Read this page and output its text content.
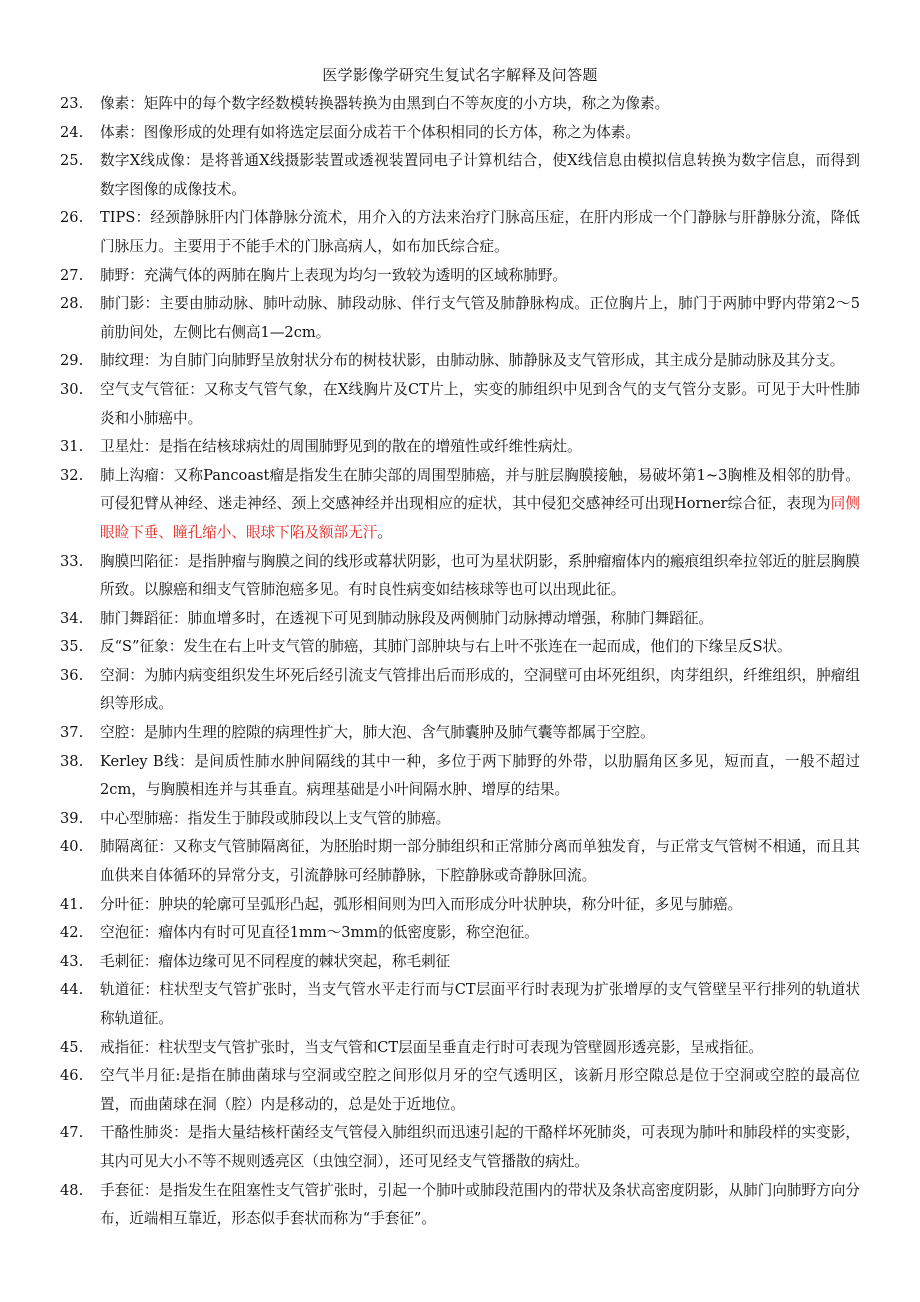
医学影像学研究生复试名字解释及问答题
23.	像素：矩阵中的每个数字经数模转换器转换为由黑到白不等灰度的小方块，称之为像素。
24.	体素：图像形成的处理有如将选定层面分成若干个体积相同的长方体，称之为体素。
25.	数字X线成像：是将普通X线摄影装置或透视装置同电子计算机结合，使X线信息由模拟信息转换为数字信息，而得到数字图像的成像技术。
26.	TIPS：经颈静脉肝内门体静脉分流术，用介入的方法来治疗门脉高压症，在肝内形成一个门静脉与肝静脉分流，降低门脉压力。主要用于不能手术的门脉高病人，如布加氏综合症。
27.	肺野：充满气体的两肺在胸片上表现为均匀一致较为透明的区域称肺野。
28.	肺门影：主要由肺动脉、肺叶动脉、肺段动脉、伴行支气管及肺静脉构成。正位胸片上，肺门于两肺中野内带第2～5前肋间处，左侧比右侧高1—2cm。
29.	肺纹理：为自肺门向肺野呈放射状分布的树枝状影，由肺动脉、肺静脉及支气管形成，其主成分是肺动脉及其分支。
30.	空气支气管征：又称支气管气象，在X线胸片及CT片上，实变的肺组织中见到含气的支气管分支影。可见于大叶性肺炎和小肺癌中。
31.	卫星灶：是指在结核球病灶的周围肺野见到的散在的增殖性或纤维性病灶。
32.	肺上沟瘤：又称Pancoast瘤是指发生在肺尖部的周围型肺癌，并与脏层胸膜接触，易破坏第1~3胸椎及相邻的肋骨。可侵犯臂从神经、迷走神经、颈上交感神经并出现相应的症状，其中侵犯交感神经可出现Horner综合征，表现为同侧眼睑下垂、瞳孔缩小、眼球下陷及额部无汗。
33.	胸膜凹陷征：是指肿瘤与胸膜之间的线形或幕状阴影，也可为星状阴影，系肿瘤瘤体内的瘢痕组织牵拉邻近的脏层胸膜所致。以腺癌和细支气管肺泡癌多见。有时良性病变如结核球等也可以出现此征。
34.	肺门舞蹈征：肺血增多时，在透视下可见到肺动脉段及两侧肺门动脉搏动增强，称肺门舞蹈征。
35.	反“S”征象：发生在右上叶支气管的肺癌，其肺门部肿块与右上叶不张连在一起而成，他们的下缘呈反S状。
36.	空洞：为肺内病变组织发生坏死后经引流支气管排出后而形成的，空洞壁可由坏死组织，肉芽组织，纤维组织，肿瘤组织等形成。
37.	空腔：是肺内生理的腔隙的病理性扩大，肺大泡、含气肺囊肿及肺气囊等都属于空腔。
38.	Kerley B线：是间质性肺水肿间隔线的其中一种，多位于两下肺野的外带，以肋膈角区多见，短而直，一般不超过2cm，与胸膜相连并与其垂直。病理基础是小叶间隔水肿、增厚的结果。
39.	中心型肺癌：指发生于肺段或肺段以上支气管的肺癌。
40.	肺隔离征：又称支气管肺隔离征，为胚胎时期一部分肺组织和正常肺分离而单独发育，与正常支气管树不相通，而且其血供来自体循环的异常分支，引流静脉可经肺静脉，下腔静脉或奇静脉回流。
41.	分叶征：肿块的轮廓可呈弧形凸起，弧形相间则为凹入而形成分叶状肿块，称分叶征，多见与肺癌。
42.	空泡征：瘤体内有时可见直径1mm～3mm的低密度影，称空泡征。
43.	毛刺征：瘤体边缘可见不同程度的棘状突起，称毛刺征
44.	轨道征：柱状型支气管扩张时，当支气管水平走行而与CT层面平行时表现为扩张增厚的支气管壁呈平行排列的轨道状称轨道征。
45.	戒指征：柱状型支气管扩张时，当支气管和CT层面呈垂直走行时可表现为管壁圆形透亮影，呈戒指征。
46.	空气半月征:是指在肺曲菌球与空洞或空腔之间形似月牙的空气透明区，该新月形空隙总是位于空洞或空腔的最高位置，而曲菌球在洞（腔）内是移动的，总是处于近地位。
47.	干酪性肺炎：是指大量结核杆菌经支气管侵入肺组织而迅速引起的干酪样坏死肺炎，可表现为肺叶和肺段样的实变影，其内可见大小不等不规则透亮区（虫蚀空洞），还可见经支气管播散的病灶。
48.	手套征：是指发生在阻塞性支气管扩张时，引起一个肺叶或肺段范围内的带状及条状高密度阴影，从肺门向肺野方向分布，近端相互靠近，形态似手套状而称为“手套征”。
